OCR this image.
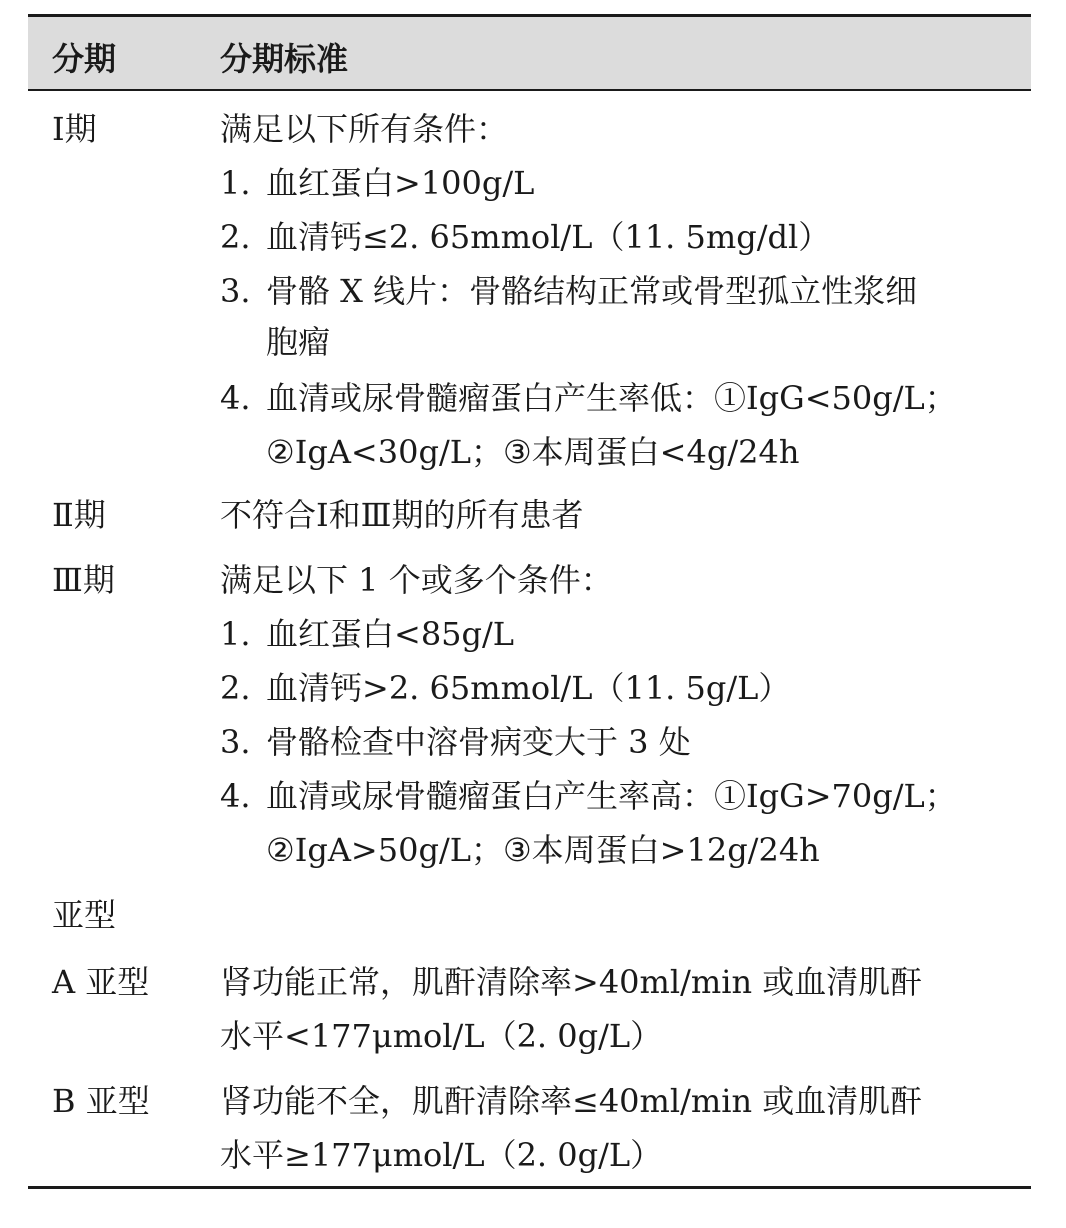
分期	分期标准
Ⅰ期	满足以下所有条件：
1. 血红蛋白>100g/L
2. 血清钙≤2. 65mmol/L（11. 5mg/dl）
3. 骨骼 X 线片：骨骼结构正常或骨型孤立性浆细
胞瘤
4. 血清或尿骨髓瘤蛋白产生率低：①IgG<50g/L；
②IgA<30g/L；③本周蛋白<4g/24h
Ⅱ期	不符合Ⅰ和Ⅲ期的所有患者
Ⅲ期	满足以下 1 个或多个条件：
1. 血红蛋白<85g/L
2. 血清钙>2. 65mmol/L（11. 5g/L）
3. 骨骼检查中溶骨病变大于 3 处
4. 血清或尿骨髓瘤蛋白产生率高：①IgG>70g/L；
②IgA>50g/L；③本周蛋白>12g/24h
亚型
A 亚型 肾功能正常，肌酐清除率>40ml/min 或血清肌酐
水平<177μmol/L（2. 0g/L）
B 亚型 肾功能不全，肌酐清除率≤40ml/min 或血清肌酐
水平≥177μmol/L（2. 0g/L）
